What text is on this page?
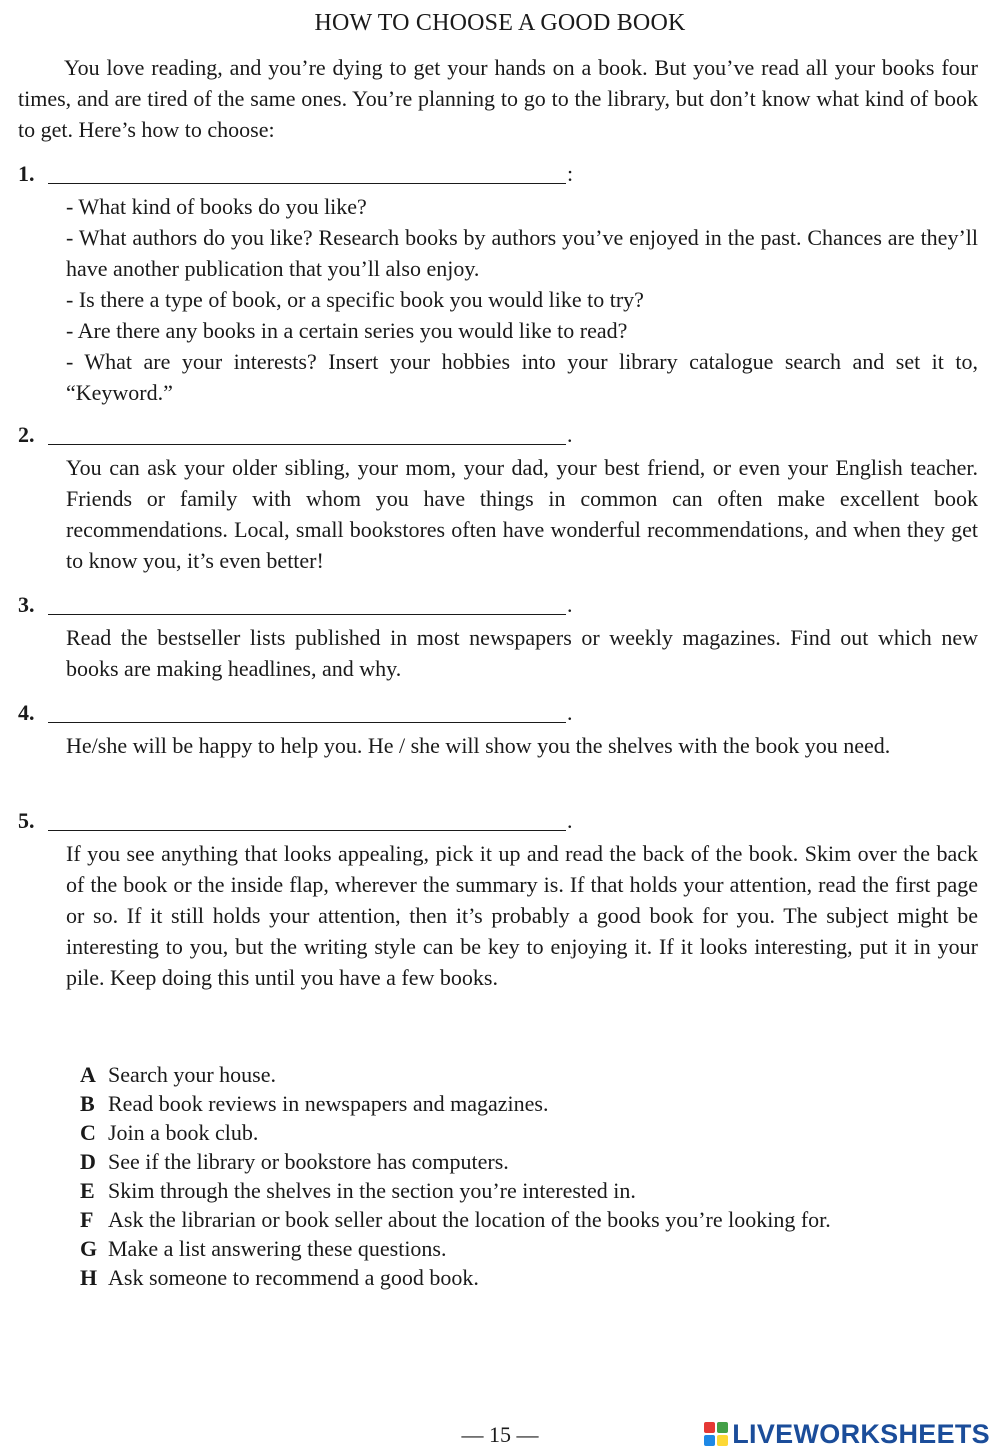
HOW TO CHOOSE A GOOD BOOK

You love reading, and you’re dying to get your hands on a book. But you’ve read all your books four times, and are tired of the same ones. You’re planning to go to the library, but don’t know what kind of book to get. Here’s how to choose:

1.	:

- What kind of books do you like?

- What authors do you like? Research books by authors you’ve enjoyed in the past. Chances are they’ll have another publication that you’ll also enjoy.

- Is there a type of book, or a specific book you would like to try?

- Are there any books in a certain series you would like to read?

- What are your interests? Insert your hobbies into your library catalogue search and set it to, “Keyword.”

2.	.

You can ask your older sibling, your mom, your dad, your best friend, or even your English teacher. Friends or family with whom you have things in common can often make excellent book recommendations. Local, small bookstores often have wonderful recommendations, and when they get to know you, it’s even better!

3.	.

Read the bestseller lists published in most newspapers or weekly magazines. Find out which new books are making headlines, and why.

4.	.

He/she will be happy to help you. He / she will show you the shelves with the book you need.

5.	.

If you see anything that looks appealing, pick it up and read the back of the book. Skim over the back of the book or the inside flap, wherever the summary is. If that holds your attention, read the first page or so. If it still holds your attention, then it’s probably a good book for you. The subject might be interesting to you, but the writing style can be key to enjoying it. If it looks interesting, put it in your pile. Keep doing this until you have a few books.

A Search your house.
B Read book reviews in newspapers and magazines.
C Join a book club.
D See if the library or bookstore has computers.
E Skim through the shelves in the section you’re interested in.
F Ask the librarian or book seller about the location of the books you’re looking for.
G Make a list answering these questions.
H Ask someone to recommend a good book.
— 15 —	LIVEWORKSHEETS
